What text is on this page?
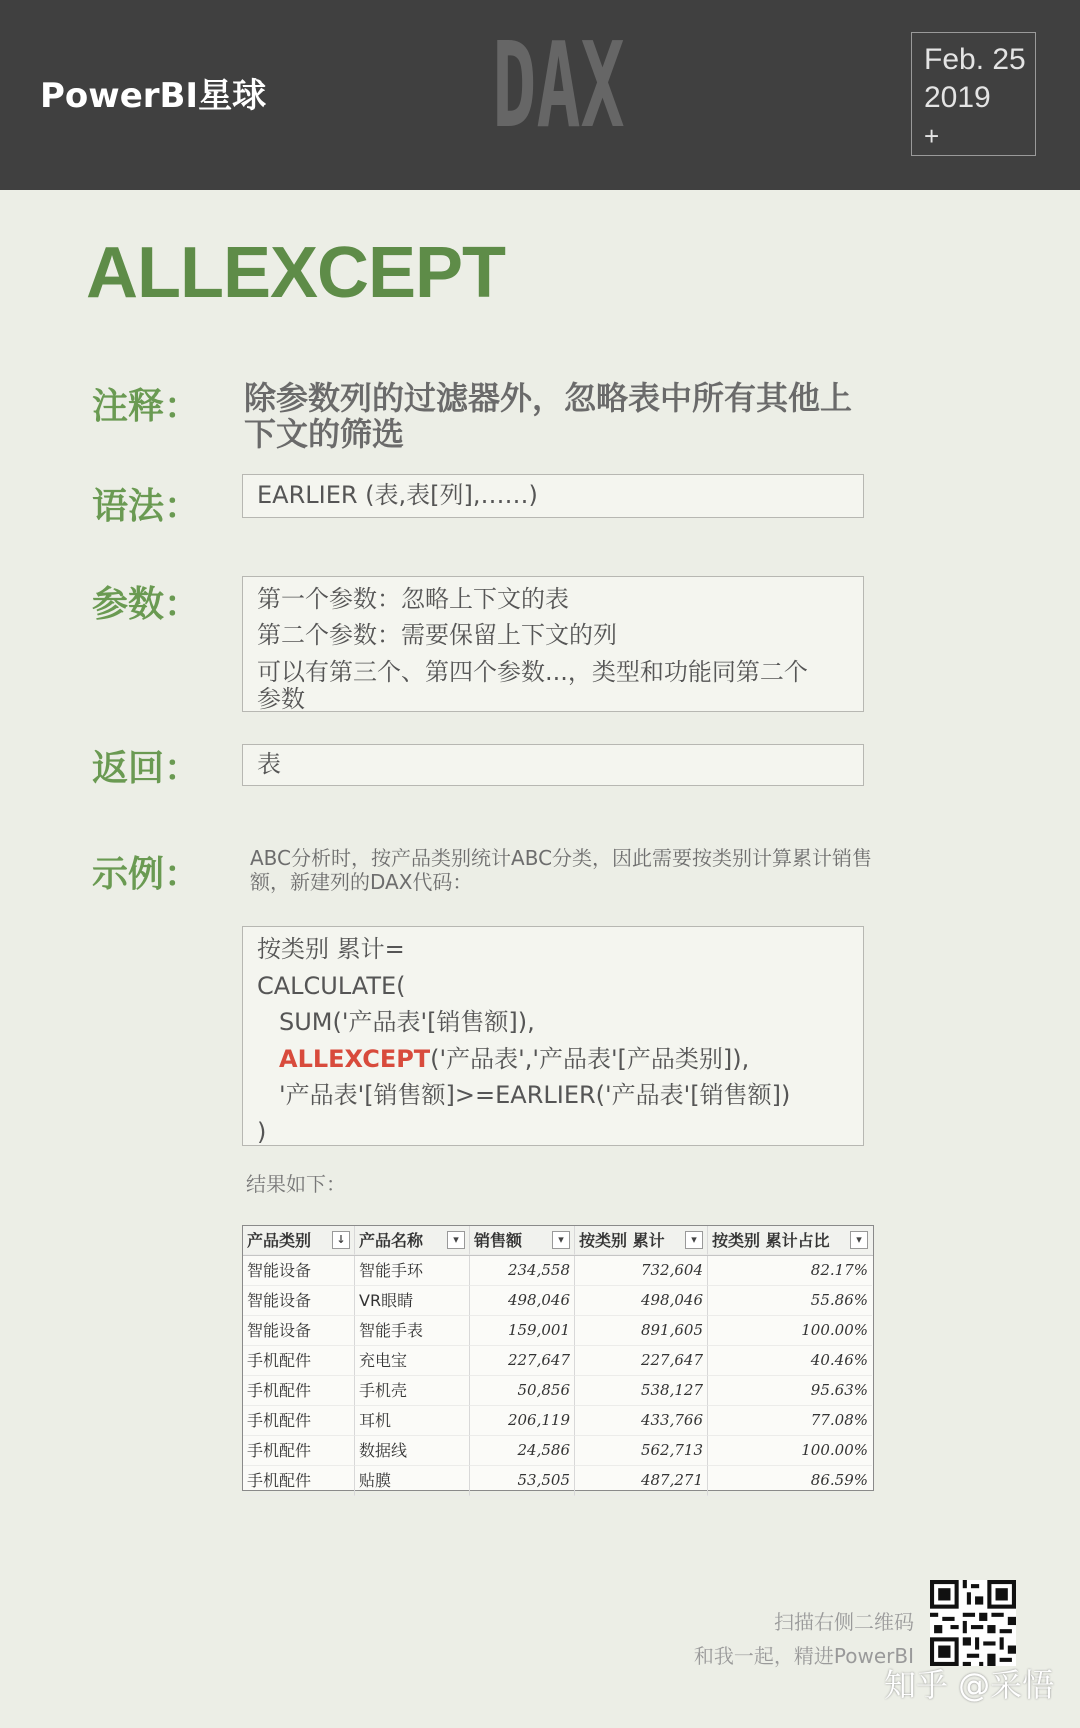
PowerBI星球 DAX	Feb. 25
2019
+
ALLEXCEPT
注释： 除参数列的过滤器外，忽略表中所有其他上下文的筛选
语法：	EARLIER (表,表[列],……)
参数： 第一个参数：忽略上下文的表
第二个参数：需要保留上下文的列
可以有第三个、第四个参数...，类型和功能同第二个
参数
返回：	表
示例： ABC分析时，按产品类别统计ABC分类，因此需要按类别计算累计销售额，新建列的DAX代码：
按类别 累计=
CALCULATE(
SUM('产品表'[销售额]),
ALLEXCEPT('产品表','产品表'[产品类别]),
'产品表'[销售额]>=EARLIER('产品表'[销售额])
)
结果如下：
产品类别	↓ 产品名称	▾ 销售额	▾ 按类别 累计	▾ 按类别 累计占比	▾
智能设备	智能手环	234,558	732,604	82.17%
智能设备	VR眼睛	498,046	498,046	55.86%
智能设备	智能手表	159,001	891,605	100.00%
手机配件	充电宝	227,647	227,647	40.46%
手机配件	手机壳	50,856	538,127	95.63%
手机配件	耳机	206,119	433,766	77.08%
手机配件	数据线	24,586	562,713	100.00%
手机配件	贴膜	53,505	487,271	86.59%
扫描右侧二维码
和我一起，精进PowerBI
知乎 @采悟
